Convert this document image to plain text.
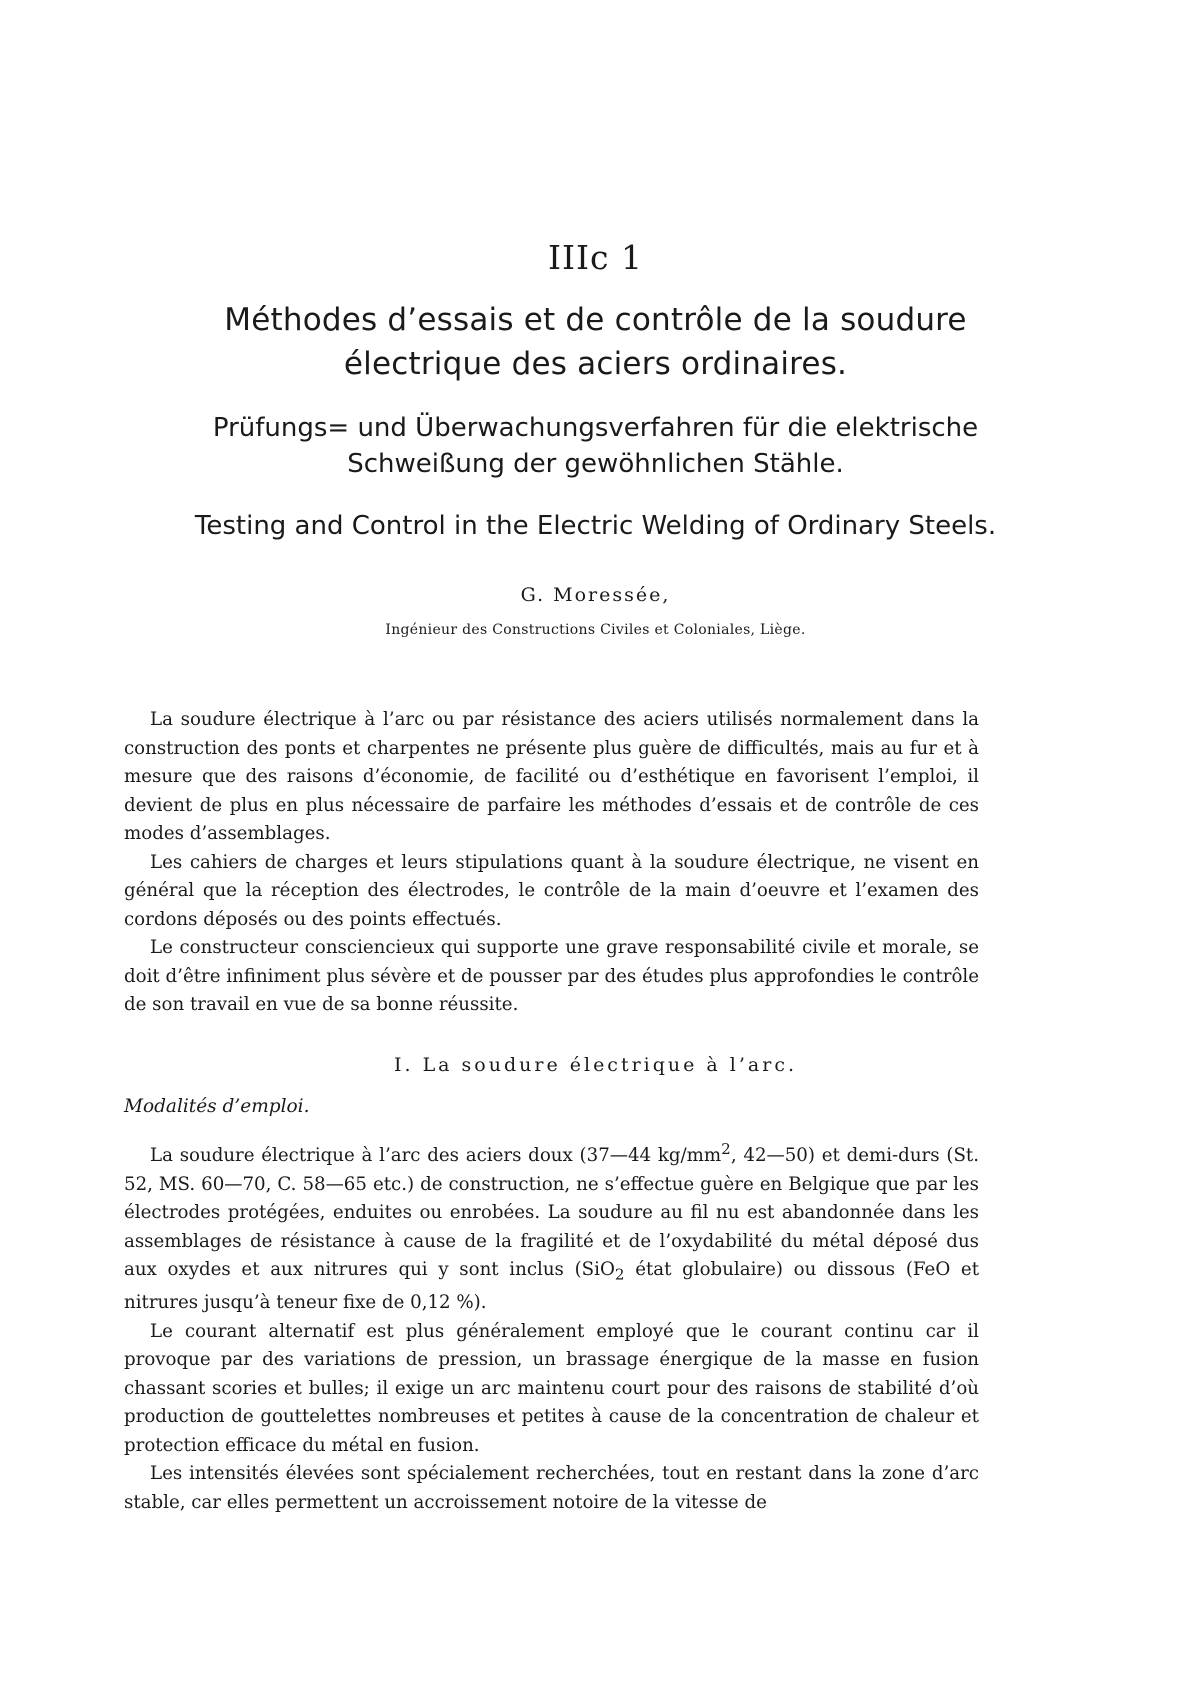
IIIc 1
Méthodes d’essais et de contrôle de la soudure
électrique des aciers ordinaires.
Prüfungs= und Überwachungsverfahren für die elektrische
Schweißung der gewöhnlichen Stähle.
Testing and Control in the Electric Welding of Ordinary Steels.
G. Moressée,
Ingénieur des Constructions Civiles et Coloniales, Liège.

La soudure électrique à l’arc ou par résistance des aciers utilisés normalement dans la construction des ponts et charpentes ne présente plus guère de difficultés, mais au fur et à mesure que des raisons d’économie, de facilité ou d’esthétique en favorisent l’emploi, il devient de plus en plus nécessaire de parfaire les méthodes d’essais et de contrôle de ces modes d’assemblages.

Les cahiers de charges et leurs stipulations quant à la soudure électrique, ne visent en général que la réception des électrodes, le contrôle de la main d’oeuvre et l’examen des cordons déposés ou des points effectués.

Le constructeur consciencieux qui supporte une grave responsabilité civile et morale, se doit d’être infiniment plus sévère et de pousser par des études plus approfondies le contrôle de son travail en vue de sa bonne réussite.

I. La soudure électrique à l’arc.
Modalités d’emploi.

La soudure électrique à l’arc des aciers doux (37—44 $kg/mm^2$, 42—50) et demi-durs (St. 52, MS. 60—70, C. 58—65 etc.) de construction, ne s’effectue guère en Belgique que par les électrodes protégées, enduites ou enrobées. La soudure au fil nu est abandonnée dans les assemblages de résistance à cause de la fragilité et de l’oxydabilité du métal déposé dus aux oxydes et aux nitrures qui y sont inclus (SiO$_2$ état globulaire) ou dissous (FeO et nitrures jusqu’à teneur fixe de 0,12 %).

Le courant alternatif est plus généralement employé que le courant continu car il provoque par des variations de pression, un brassage énergique de la masse en fusion chassant scories et bulles; il exige un arc maintenu court pour des raisons de stabilité d’où production de gouttelettes nombreuses et petites à cause de la concentration de chaleur et protection efficace du métal en fusion.

Les intensités élevées sont spécialement recherchées, tout en restant dans la zone d’arc stable, car elles permettent un accroissement notoire de la vitesse de
